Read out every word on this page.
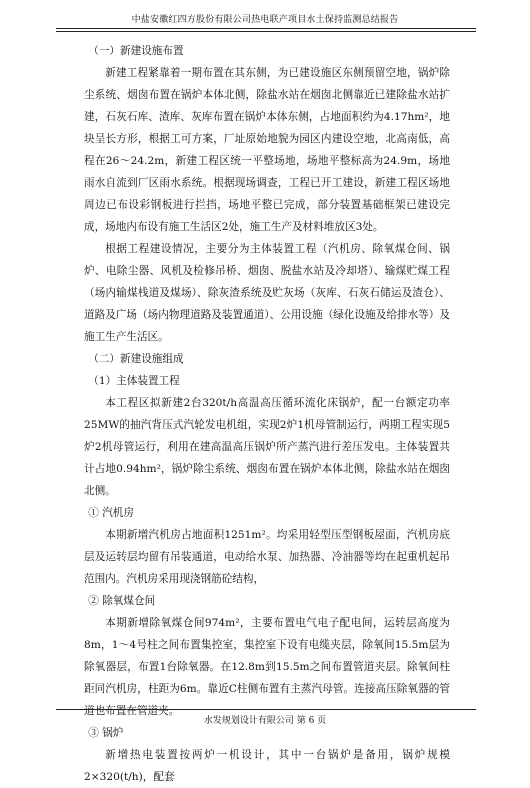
中盐安徽红四方股份有限公司热电联产项目水土保持监测总结报告

（一）新建设施布置

新建工程紧靠着一期布置在其东侧，为已建设施区东侧预留空地，锅炉除尘系统、烟囱布置在锅炉本体北侧，除盐水站在烟囱北侧靠近已建除盐水站扩建，石灰石库、渣库、灰库布置在锅炉本体东侧，占地面积约为4.17hm²，地块呈长方形，根据工可方案，厂址原始地貌为园区内建设空地，北高南低，高程在26～24.2m，新建工程区统一平整场地，场地平整标高为24.9m，场地雨水自流到厂区雨水系统。根据现场调查，工程已开工建设，新建工程区场地周边已布设彩钢板进行拦挡，场地平整已完成，部分装置基础框架已建设完成，场地内布设有施工生活区2处，施工生产及材料堆放区3处。

根据工程建设情况，主要分为主体装置工程（汽机房、除氧煤仓间、锅炉、电除尘器、风机及检修吊桥、烟囱、脱盐水站及冷却塔）、输煤贮煤工程（场内输煤栈道及煤场）、除灰渣系统及贮灰场（灰库、石灰石储运及渣仓）、道路及广场（场内物理道路及装置通道）、公用设施（绿化设施及给排水等）及施工生产生活区。

（二）新建设施组成

（1）主体装置工程

本工程区拟新建2台320t/h高温高压循环流化床锅炉，配一台额定功率25MW的抽汽背压式汽轮发电机组，实现2炉1机母管制运行，两期工程实现5炉2机母管运行，利用在建高温高压锅炉所产蒸汽进行差压发电。主体装置共计占地0.94hm²，锅炉除尘系统、烟囱布置在锅炉本体北侧，除盐水站在烟囱北侧。

① 汽机房

本期新增汽机房占地面积1251m²。均采用轻型压型钢板屋面，汽机房底层及运转层均留有吊装通道，电动给水泵、加热器、冷油器等均在起重机起吊范围内。汽机房采用现浇钢筋砼结构，

② 除氧煤仓间

本期新增除氧煤仓间974m²，主要布置电气电子配电间，运转层高度为8m，1～4号柱之间布置集控室，集控室下设有电缆夹层，除氧间15.5m层为除氧器层，布置1台除氧器。在12.8m到15.5m之间布置管道夹层。除氧间柱距同汽机房，柱距为6m。靠近C柱侧布置有主蒸汽母管。连接高压除氧器的管道也布置在管道夹。

③ 锅炉

新增热电装置按两炉一机设计，其中一台锅炉是备用，锅炉规模2×320(t/h)，配套

水发规划设计有限公司 第 6 页
